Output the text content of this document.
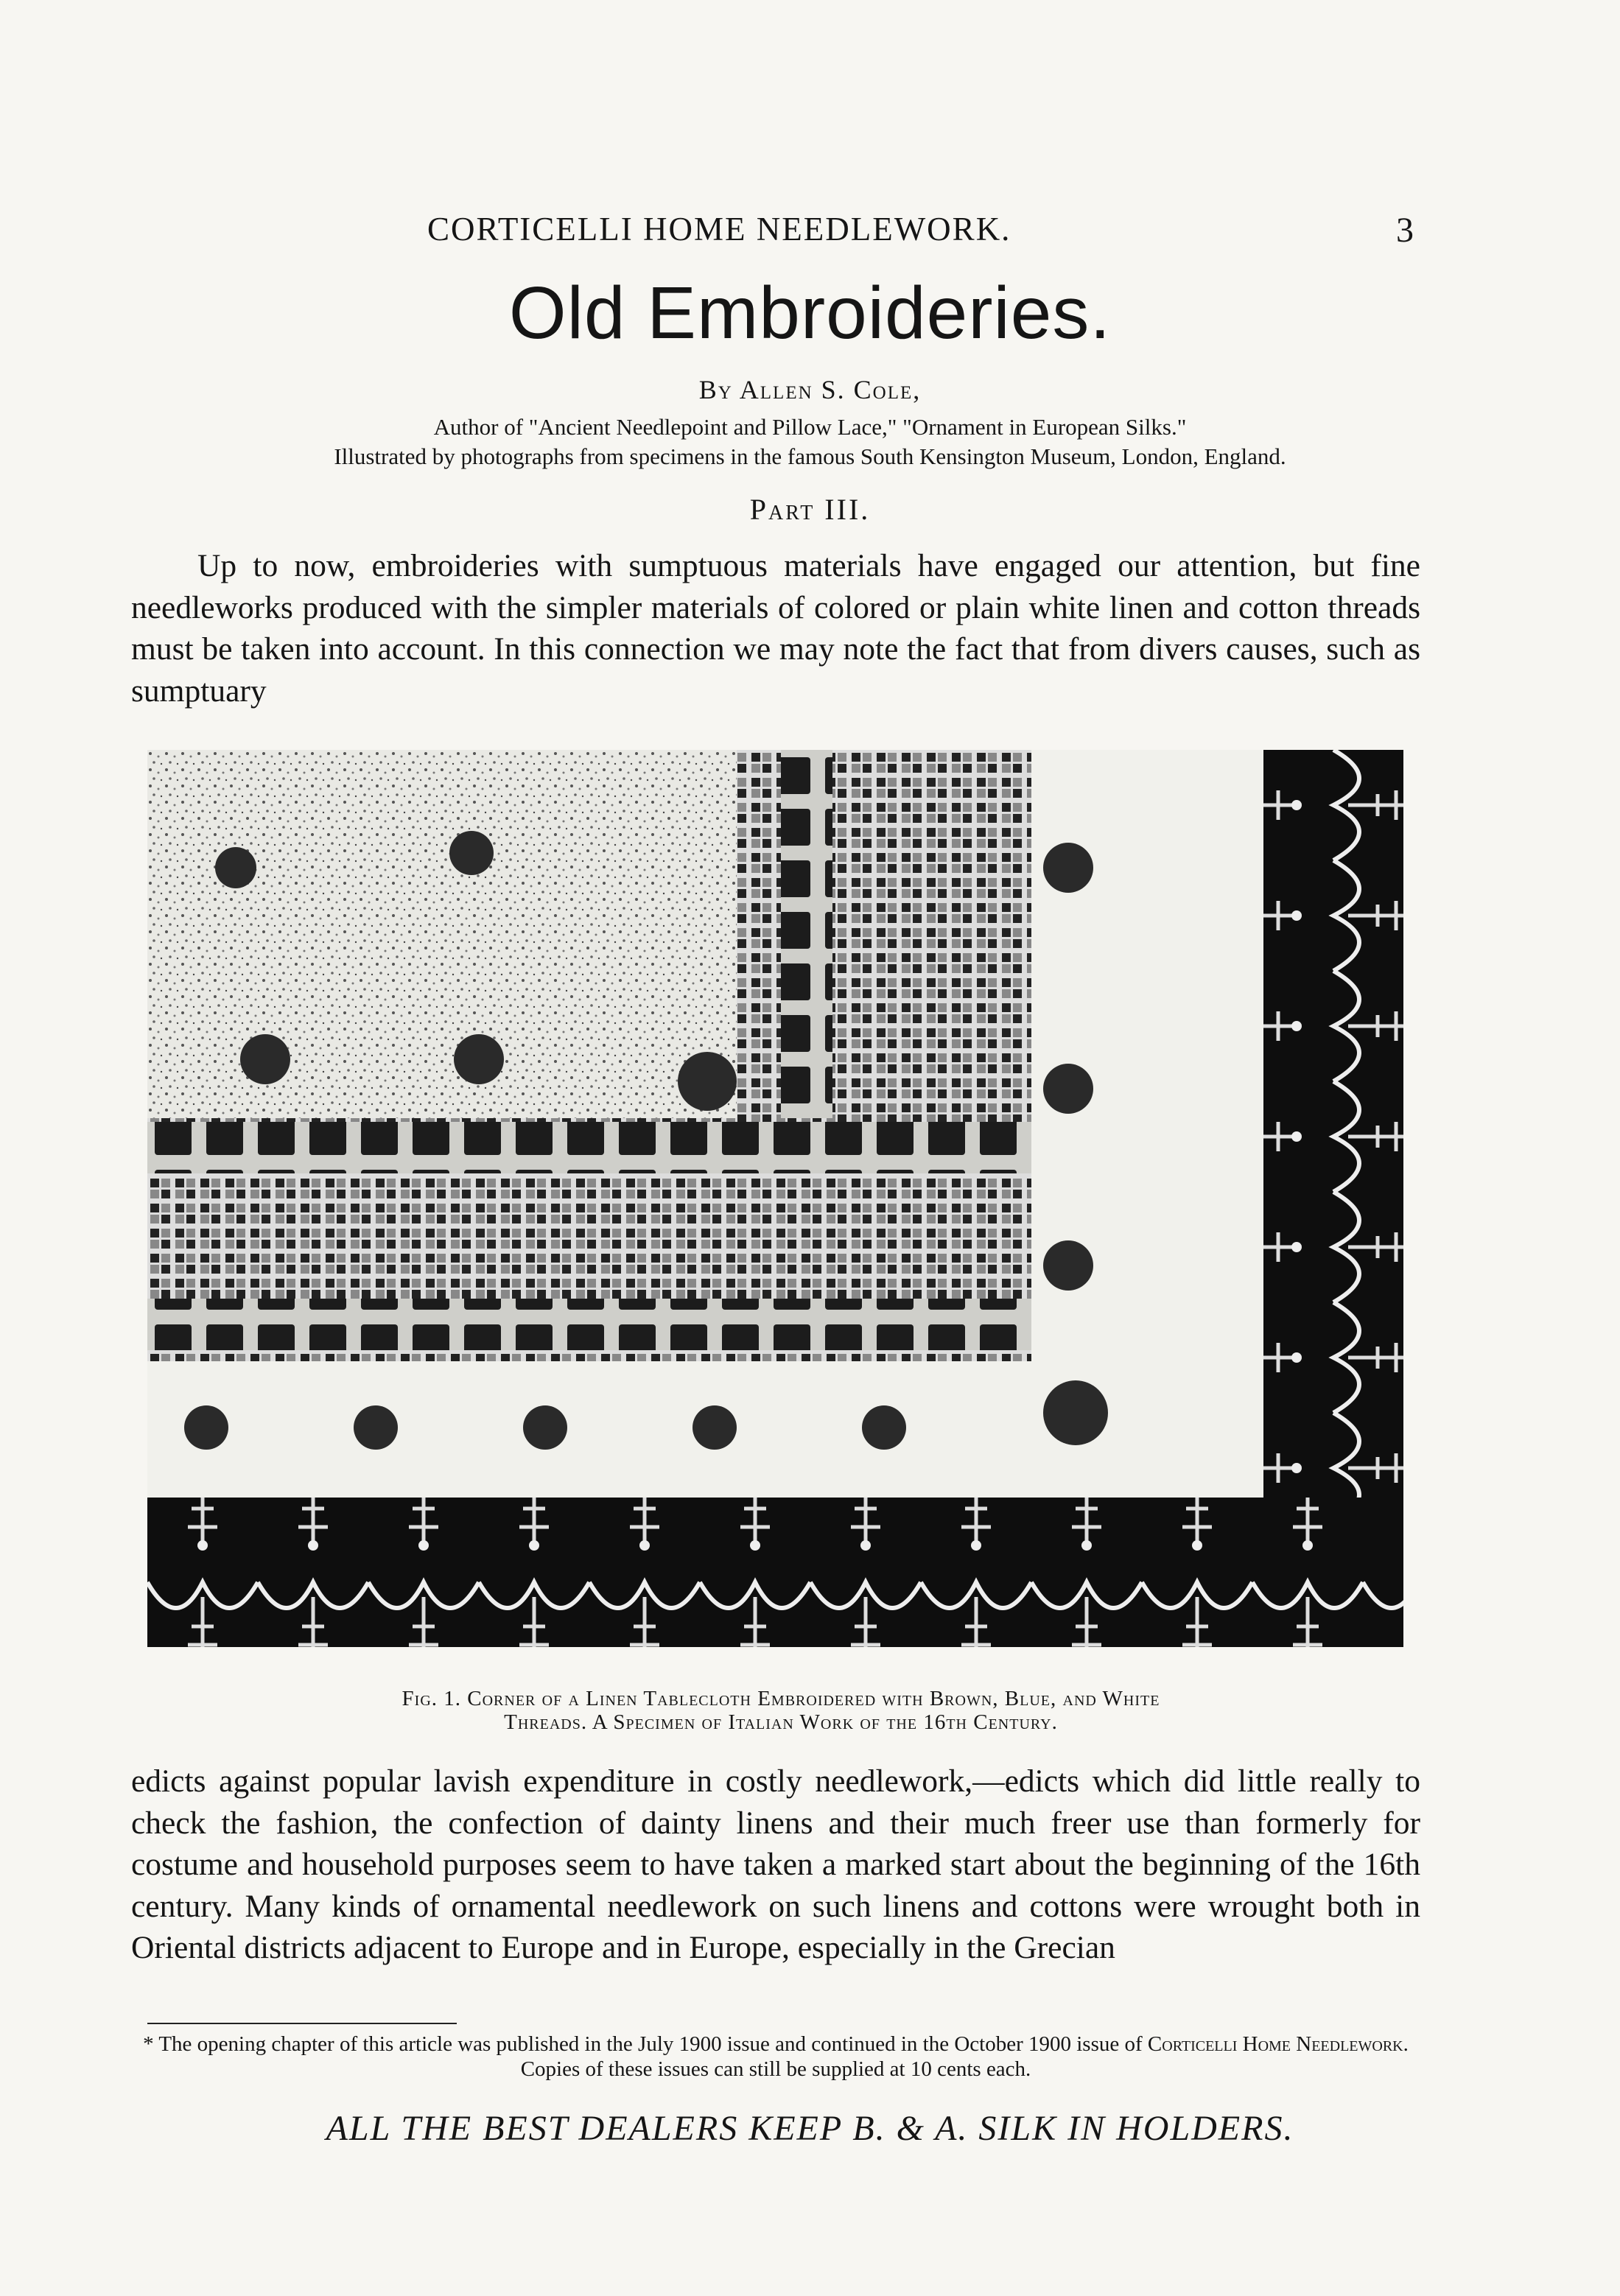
CORTICELLI HOME NEEDLEWORK.	3
Old Embroideries.
By Allen S. Cole,
Author of "Ancient Needlepoint and Pillow Lace," "Ornament in European Silks."
Illustrated by photographs from specimens in the famous South Kensington Museum, London, England.
Part III.
Up to now, embroideries with sumptuous materials have engaged our attention, but fine needleworks produced with the simpler materials of colored or plain white linen and cotton threads must be taken into account. In this connection we may note the fact that from divers causes, such as sumptuary
Fig. 1. Corner of a Linen Tablecloth Embroidered with Brown, Blue, and White
Threads. A Specimen of Italian Work of the 16th Century.
edicts against popular lavish expenditure in costly needlework,—edicts which did little really to check the fashion, the confection of dainty linens and their much freer use than formerly for costume and household purposes seem to have taken a marked start about the beginning of the 16th century. Many kinds of ornamental needlework on such linens and cottons were wrought both in Oriental districts adjacent to Europe and in Europe, especially in the Grecian
* The opening chapter of this article was published in the July 1900 issue and continued in the October 1900 issue of Corticelli Home Needlework. Copies of these issues can still be supplied at 10 cents each.
ALL THE BEST DEALERS KEEP B. & A. SILK IN HOLDERS.
